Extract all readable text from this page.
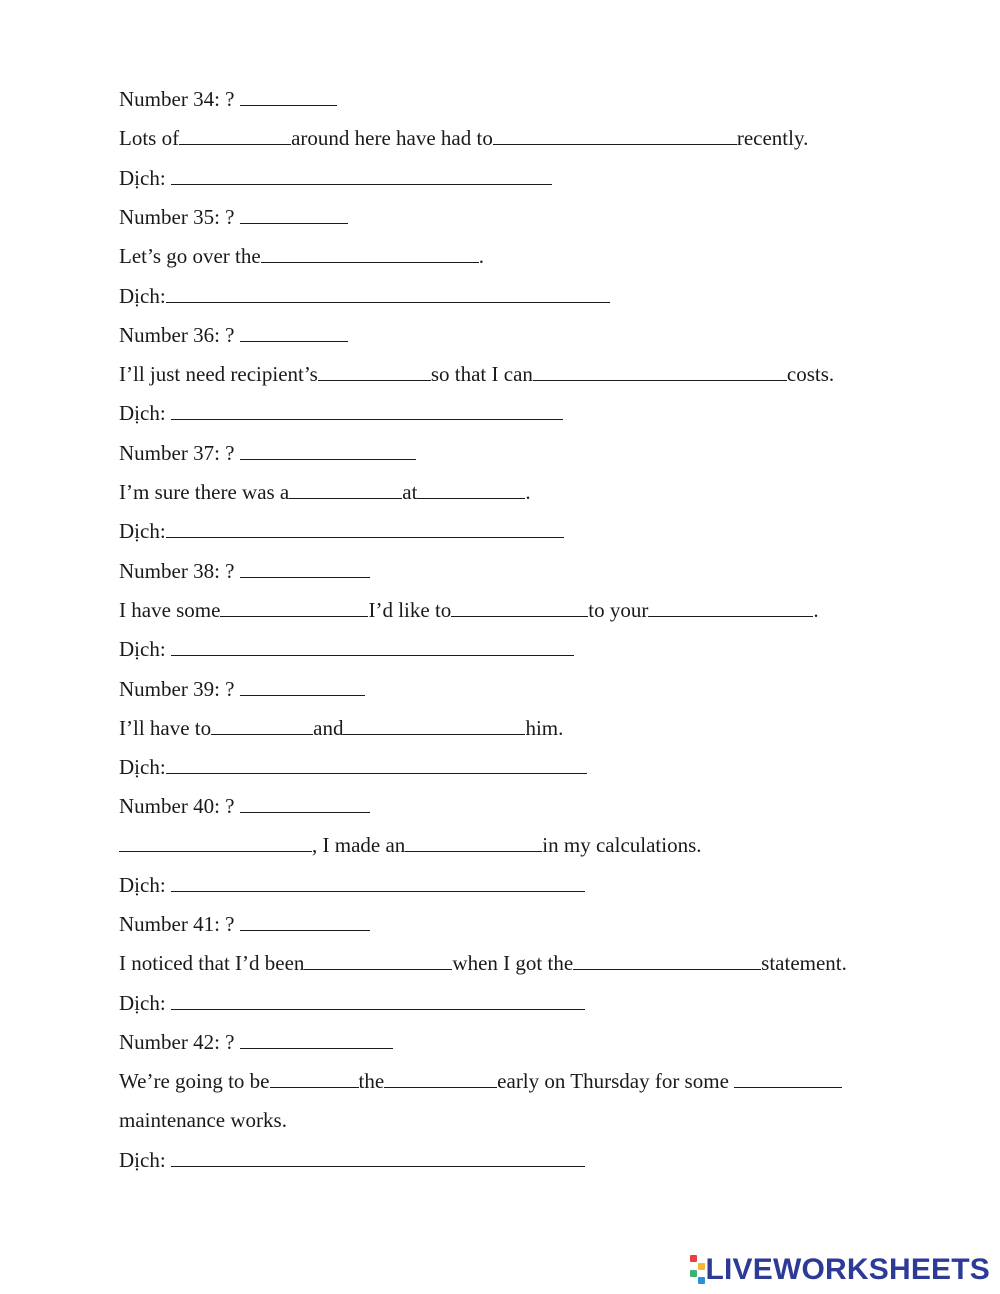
Number 34: ?
Lots of	around here have had to	recently.
Dịch:
Number 35: ?
Let’s go over the	.
Dịch:
Number 36: ?
I’ll just need recipient’s	so that I can	costs.
Dịch:
Number 37: ?
I’m sure there was a	at	.
Dịch:
Number 38: ?
I have some	I’d like to	to your	.
Dịch:
Number 39: ?
I’ll have to	and	him.
Dịch:
Number 40: ?
, I made an	in my calculations.
Dịch:
Number 41: ?
I noticed that I’d been	when I got the	statement.
Dịch:
Number 42: ?
We’re going to be	the	early on Thursday for some
maintenance works.
Dịch:
LIVEWORKSHEETS
